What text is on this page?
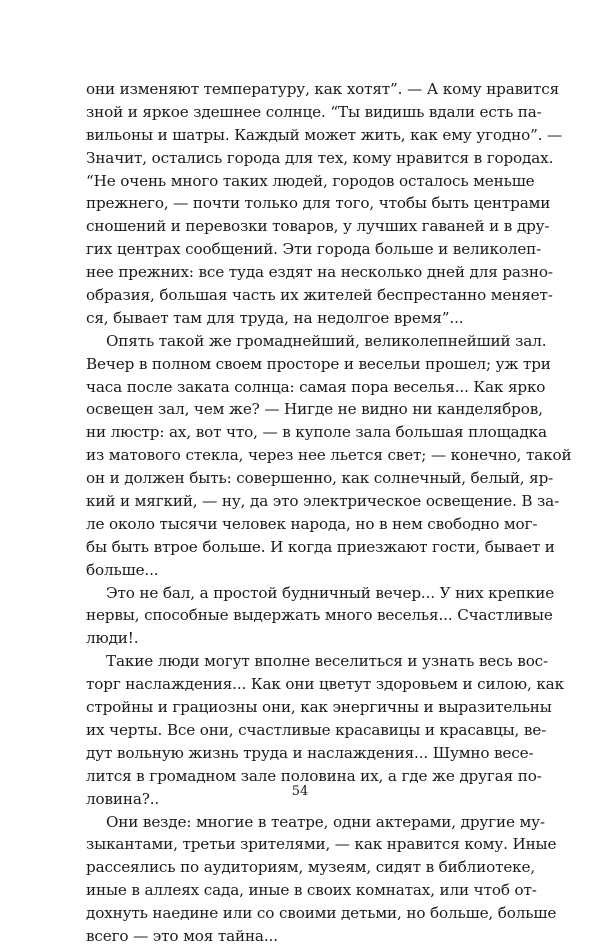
они изменяют температуру, как хотят”. — А кому нравится
зной и яркое здешнее солнце. “Ты видишь вдали есть па-
вильоны и шатры. Каждый может жить, как ему угодно”. —
Значит, остались города для тех, кому нравится в городах.
“Не очень много таких людей, городов осталось меньше
прежнего, — почти только для того, чтобы быть центрами
сношений и перевозки товаров, у лучших гаваней и в дру-
гих центрах сообщений. Эти города больше и великолеп-
нее прежних: все туда ездят на несколько дней для разно-
образия, большая часть их жителей беспрестанно меняет-
ся, бывает там для труда, на недолгое время”...
Опять такой же громаднейший, великолепнейший зал.
Вечер в полном своем просторе и весельи прошел; уж три
часа после заката солнца: самая пора веселья... Как ярко
освещен зал, чем же? — Нигде не видно ни канделябров,
ни люстр: ах, вот что, — в куполе зала большая площадка
из матового стекла, через нее льется свет; — конечно, такой
он и должен быть: совершенно, как солнечный, белый, яр-
кий и мягкий, — ну, да это электрическое освещение. В за-
ле около тысячи человек народа, но в нем свободно мог-
бы быть втрое больше. И когда приезжают гости, бывает и
больше...
Это не бал, а простой будничный вечер... У них крепкие
нервы, способные выдержать много веселья... Счастливые
люди!.
Такие люди могут вполне веселиться и узнать весь вос-
торг наслаждения... Как они цветут здоровьем и силою, как
стройны и грациозны они, как энергичны и выразительны
их черты. Все они, счастливые красавицы и красавцы, ве-
дут вольную жизнь труда и наслаждения... Шумно весе-
лится в громадном зале половина их, а где же другая по-
ловина?..
Они везде: многие в театре, одни актерами, другие му-
зыкантами, третьи зрителями, — как нравится кому. Иные
рассеялись по аудиториям, музеям, сидят в библиотеке,
иные в аллеях сада, иные в своих комнатах, или чтоб от-
дохнуть наедине или со своими детьми, но больше, больше
всего — это моя тайна...
54
